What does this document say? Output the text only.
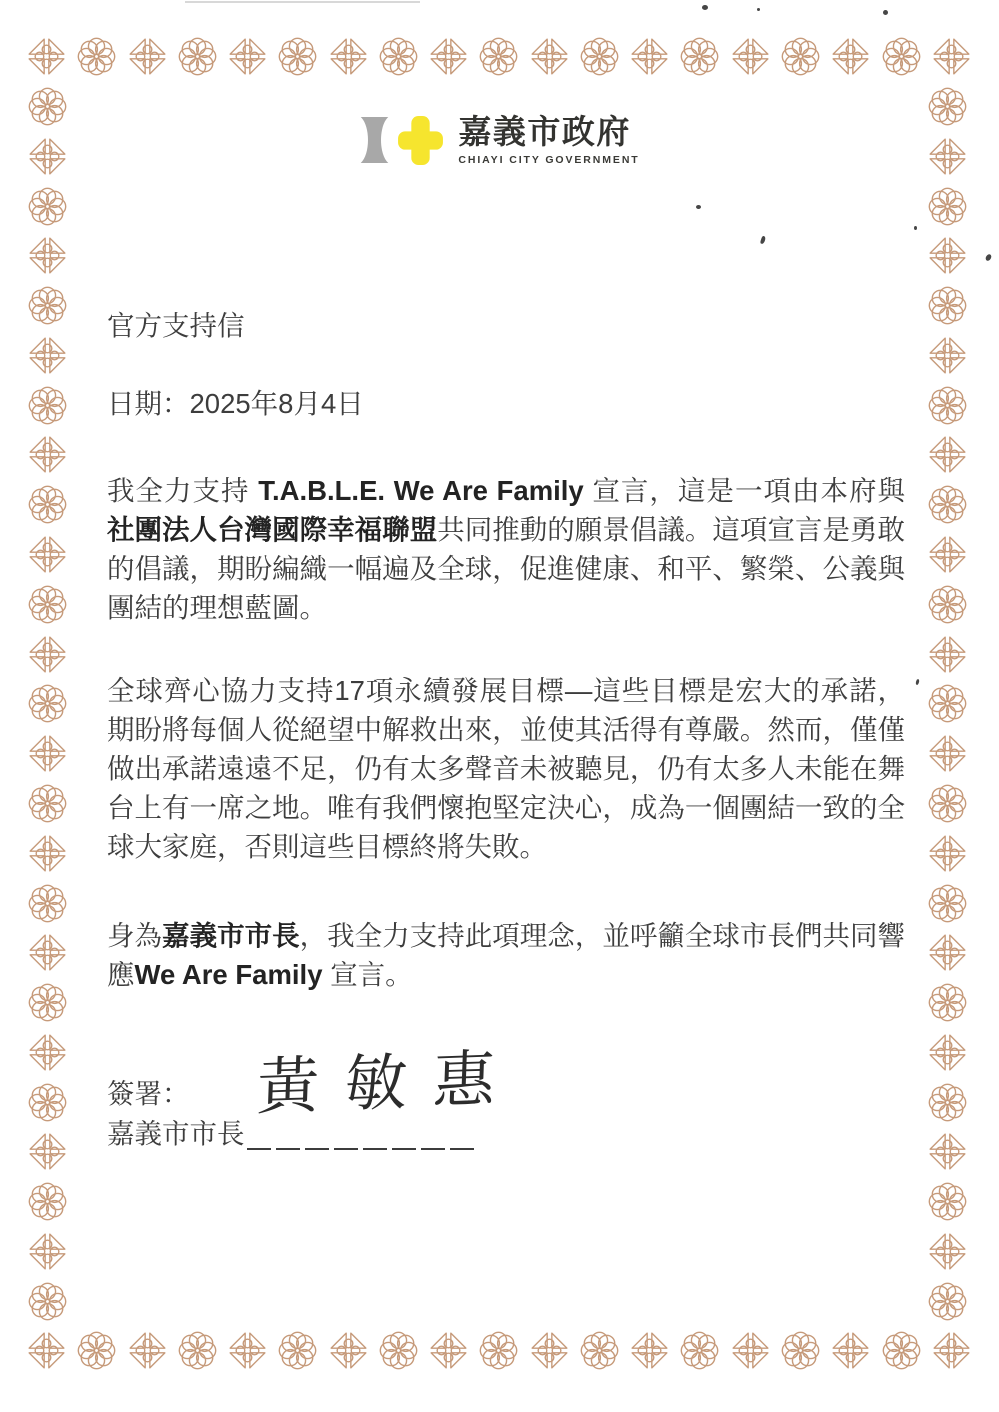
嘉義市政府
CHIAYI CITY GOVERNMENT
官方支持信
日期：2025年8月4日

我全力支持 T.A.B.L.E. We Are Family 宣言，這是一項由本府與社團法人台灣國際幸福聯盟共同推動的願景倡議。這項宣言是勇敢的倡議，期盼編織一幅遍及全球，促進健康、和平、繁榮、公義與團結的理想藍圖。

全球齊心協力支持17項永續發展目標—這些目標是宏大的承諾，期盼將每個人從絕望中解救出來，並使其活得有尊嚴。然而，僅僅做出承諾遠遠不足，仍有太多聲音未被聽見，仍有太多人未能在舞台上有一席之地。唯有我們懷抱堅定決心，成為一個團結一致的全球大家庭，否則這些目標終將失敗。

身為嘉義市市長，我全力支持此項理念，並呼籲全球市長們共同響應We Are Family 宣言。

簽署：
嘉義市市長
黃敏惠
